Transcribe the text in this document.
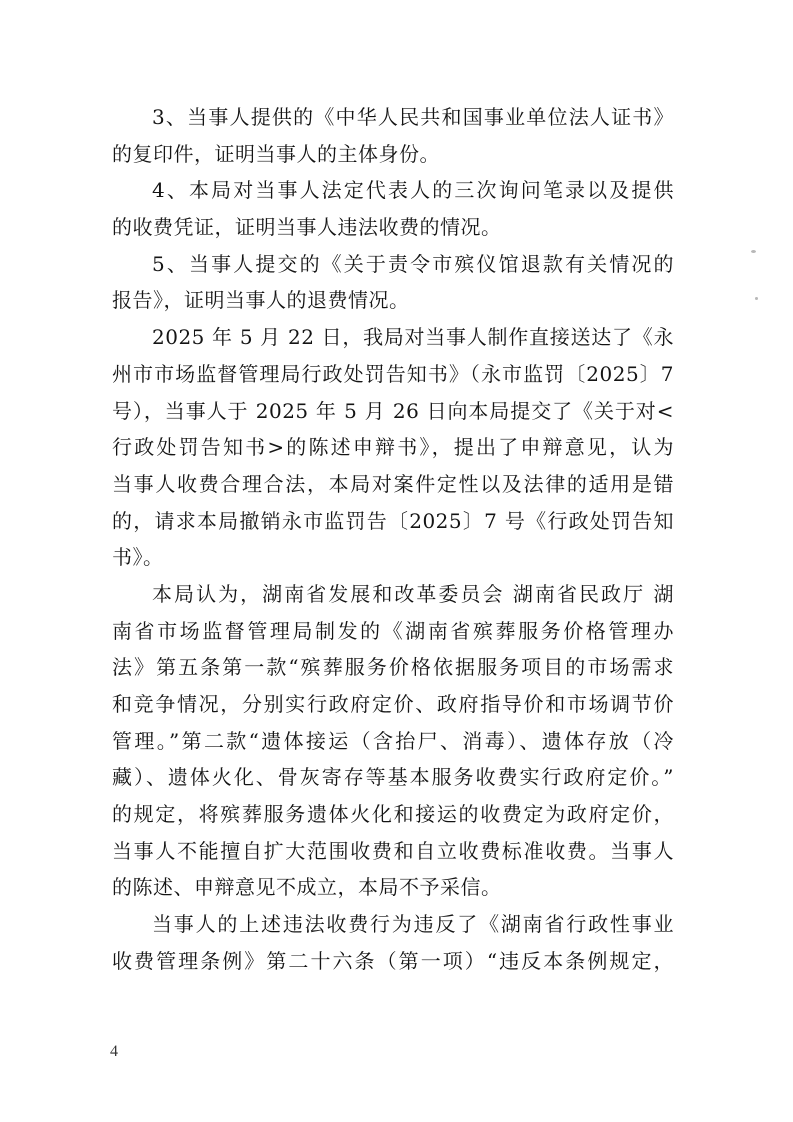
3、当事人提供的《中华人民共和国事业单位法人证书》
的复印件，证明当事人的主体身份。
4、本局对当事人法定代表人的三次询问笔录以及提供
的收费凭证，证明当事人违法收费的情况。
5、当事人提交的《关于责令市殡仪馆退款有关情况的
报告》，证明当事人的退费情况。
2025 年 5 月 22 日，我局对当事人制作直接送达了《永
州市市场监督管理局行政处罚告知书》（永市监罚〔2025〕7
号），当事人于 2025 年 5 月 26 日向本局提交了《关于对<
行政处罚告知书>的陈述申辩书》，提出了申辩意见，认为
当事人收费合理合法，本局对案件定性以及法律的适用是错
的，请求本局撤销永市监罚告〔2025〕7 号《行政处罚告知
书》。
本局认为，湖南省发展和改革委员会 湖南省民政厅 湖
南省市场监督管理局制发的《湖南省殡葬服务价格管理办
法》第五条第一款“殡葬服务价格依据服务项目的市场需求
和竞争情况，分别实行政府定价、政府指导价和市场调节价
管理。”第二款“遗体接运（含抬尸、消毒）、遗体存放（冷
藏）、遗体火化、骨灰寄存等基本服务收费实行政府定价。”
的规定，将殡葬服务遗体火化和接运的收费定为政府定价，
当事人不能擅自扩大范围收费和自立收费标准收费。当事人
的陈述、申辩意见不成立，本局不予采信。
当事人的上述违法收费行为违反了《湖南省行政性事业
收费管理条例》第二十六条（第一项）“违反本条例规定，
4
